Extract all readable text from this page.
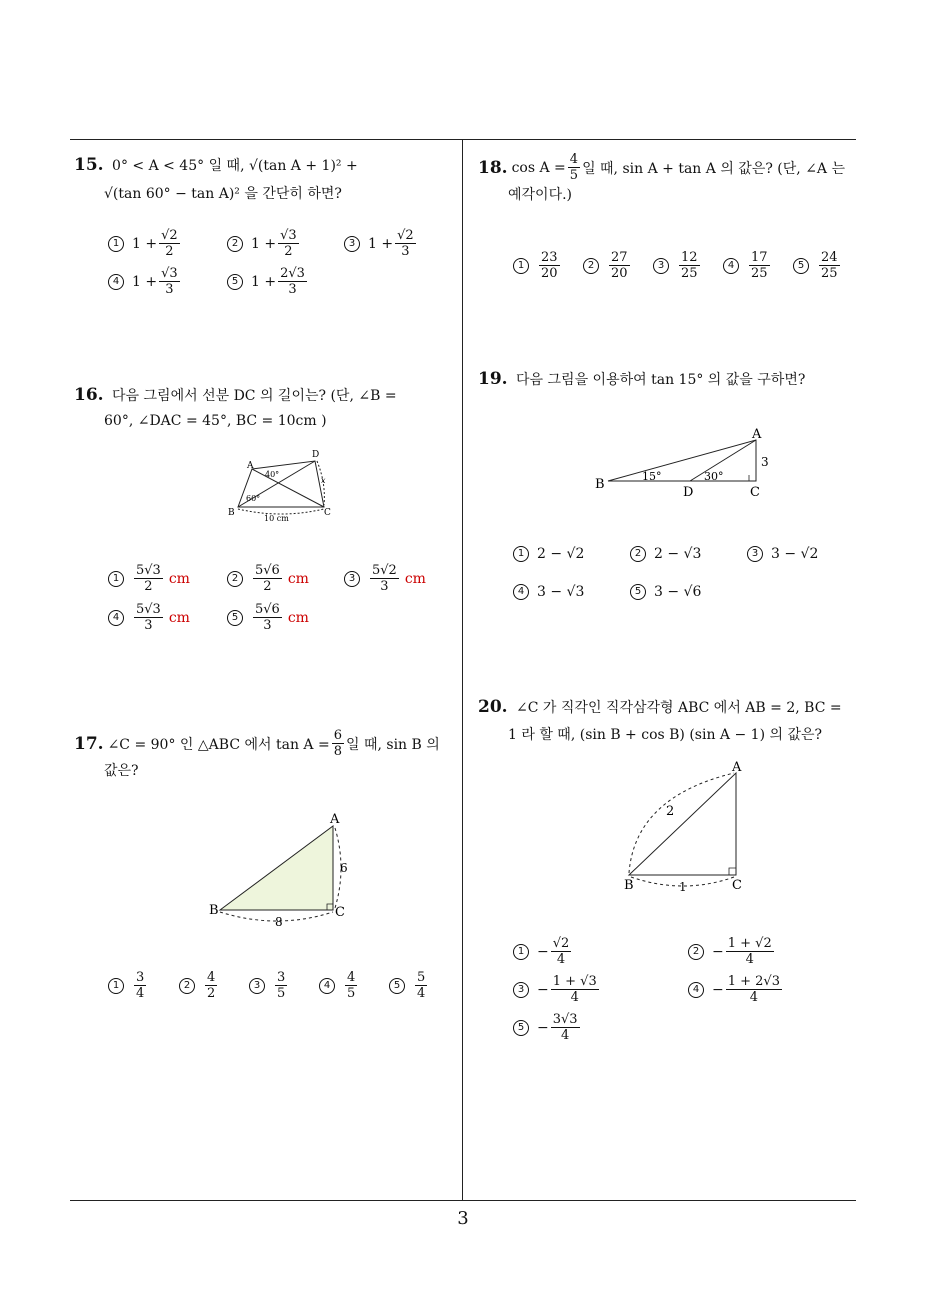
15. 0° < A < 45° 일 때, √(tan A + 1)² +
√(tan 60° − tan A)² 을 간단히 하면?
1 $1 + \frac{√2}{2}$	2 $1 + \frac{√3}{2}$	3 $1 + \frac{√2}{3}$
4 $1 + \frac{√3}{3}$	5 $1 + \frac{2√3}{3}$
16. 다음 그림에서 선분 DC 의 길이는? (단, ∠B =
60°, ∠DAC = 45°, BC = 10cm )
A
B	C
D
40°
60°
10 cm
x
1	$\frac{5√3}{2}$ cm	2	$\frac{5√6}{2}$ cm	3	$\frac{5√2}{3}$ cm
4	$\frac{5√3}{3}$ cm	5	$\frac{5√6}{3}$ cm
17. ∠C = 90° 인 △ABC 에서 $\tan A = \frac{6}{8}$ 일 때, sin B 의
값은?
A
B	C
6
8
1	$\frac{3}{4}$	2	$\frac{4}{2}$	3	$\frac{3}{5}$	4	$\frac{4}{5}$	5	$\frac{5}{4}$
18. $\cos A = \frac{4}{5}$ 일 때, sin A + tan A 의 값은? (단, ∠A 는
예각이다.)
1	$\frac{23}{20}$	2	$\frac{27}{20}$	3	$\frac{12}{25}$	4	$\frac{17}{25}$	5	$\frac{24}{25}$
19. 다음 그림을 이용하여 tan 15° 의 값을 구하면?
A
B
C
D
3
15°	30°
1 2 − √2	2 2 − √3	3 3 − √2
4 3 − √3	5 3 − √6
20. ∠C 가 직각인 직각삼각형 ABC 에서 AB = 2, BC =
1 라 할 때, (sin B + cos B) (sin A − 1) 의 값은?
A
B	C
2
1
$1 - \frac{√2}{4}$	$2 - \frac{1 + √2}{4}$
$3 - \frac{1 + √3}{4}$	$4 - \frac{1 + 2√3}{4}$
$5 - \frac{3√3}{4}$
3
